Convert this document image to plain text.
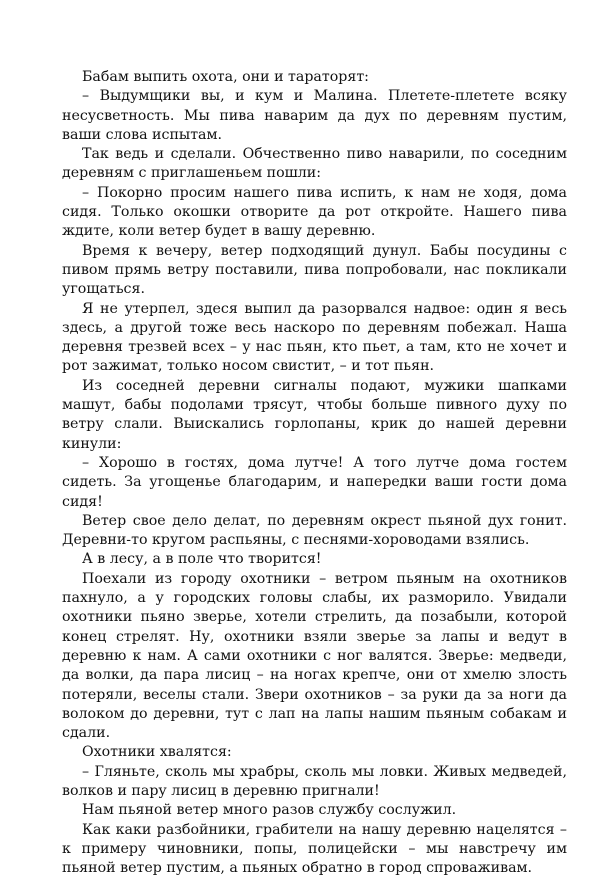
Бабам выпить охота, они и тараторят:

– Выдумщики вы, и кум и Малина. Плетете-плетете всяку несусветность. Мы пива наварим да дух по деревням пустим, ваши слова испытам.

Так ведь и сделали. Обчественно пиво наварили, по соседним деревням с приглашеньем пошли:

– Покорно просим нашего пива испить, к нам не ходя, дома сидя. Только окошки отворите да рот откройте. Нашего пива ждите, коли ветер будет в вашу деревню.

Время к вечеру, ветер подходящий дунул. Бабы посудины с пивом прямь ветру поставили, пива попробовали, нас покликали угощаться.

Я не утерпел, здеся выпил да разорвался надвое: один я весь здесь, а другой тоже весь наскоро по деревням побежал. Наша деревня трезвей всех – у нас пьян, кто пьет, а там, кто не хочет и рот зажимат, только носом свистит, – и тот пьян.

Из соседней деревни сигналы подают, мужики шапками машут, бабы подолами трясут, чтобы больше пивного духу по ветру слали. Выискались горлопаны, крик до нашей деревни кинули:

– Хорошо в гостях, дома лутче! А того лутче дома гостем сидеть. За угощенье благодарим, и напередки ваши гости дома сидя!

Ветер свое дело делат, по деревням окрест пьяной дух гонит. Деревни-то кругом распьяны, с песнями-хороводами взялись.

А в лесу, а в поле что творится!

Поехали из городу охотники – ветром пьяным на охотников пахнуло, а у городских головы слабы, их разморило. Увидали охотники пьяно зверье, хотели стрелить, да позабыли, которой конец стрелят. Ну, охотники взяли зверье за лапы и ведут в деревню к нам. А сами охотники с ног валятся. Зверье: медведи, да волки, да пара лисиц – на ногах крепче, они от хмелю злость потеряли, веселы стали. Звери охотников – за руки да за ноги да волоком до деревни, тут с лап на лапы нашим пьяным собакам и сдали.

Охотники хвалятся:

– Гляньте, сколь мы храбры, сколь мы ловки. Живых медведей, волков и пару лисиц в деревню пригнали!

Нам пьяной ветер много разов службу сослужил.

Как каки разбойники, грабители на нашу деревню нацелятся – к примеру чиновники, попы, полицейски – мы навстречу им пьяной ветер пустим, а пьяных обратно в город спроваживам.
